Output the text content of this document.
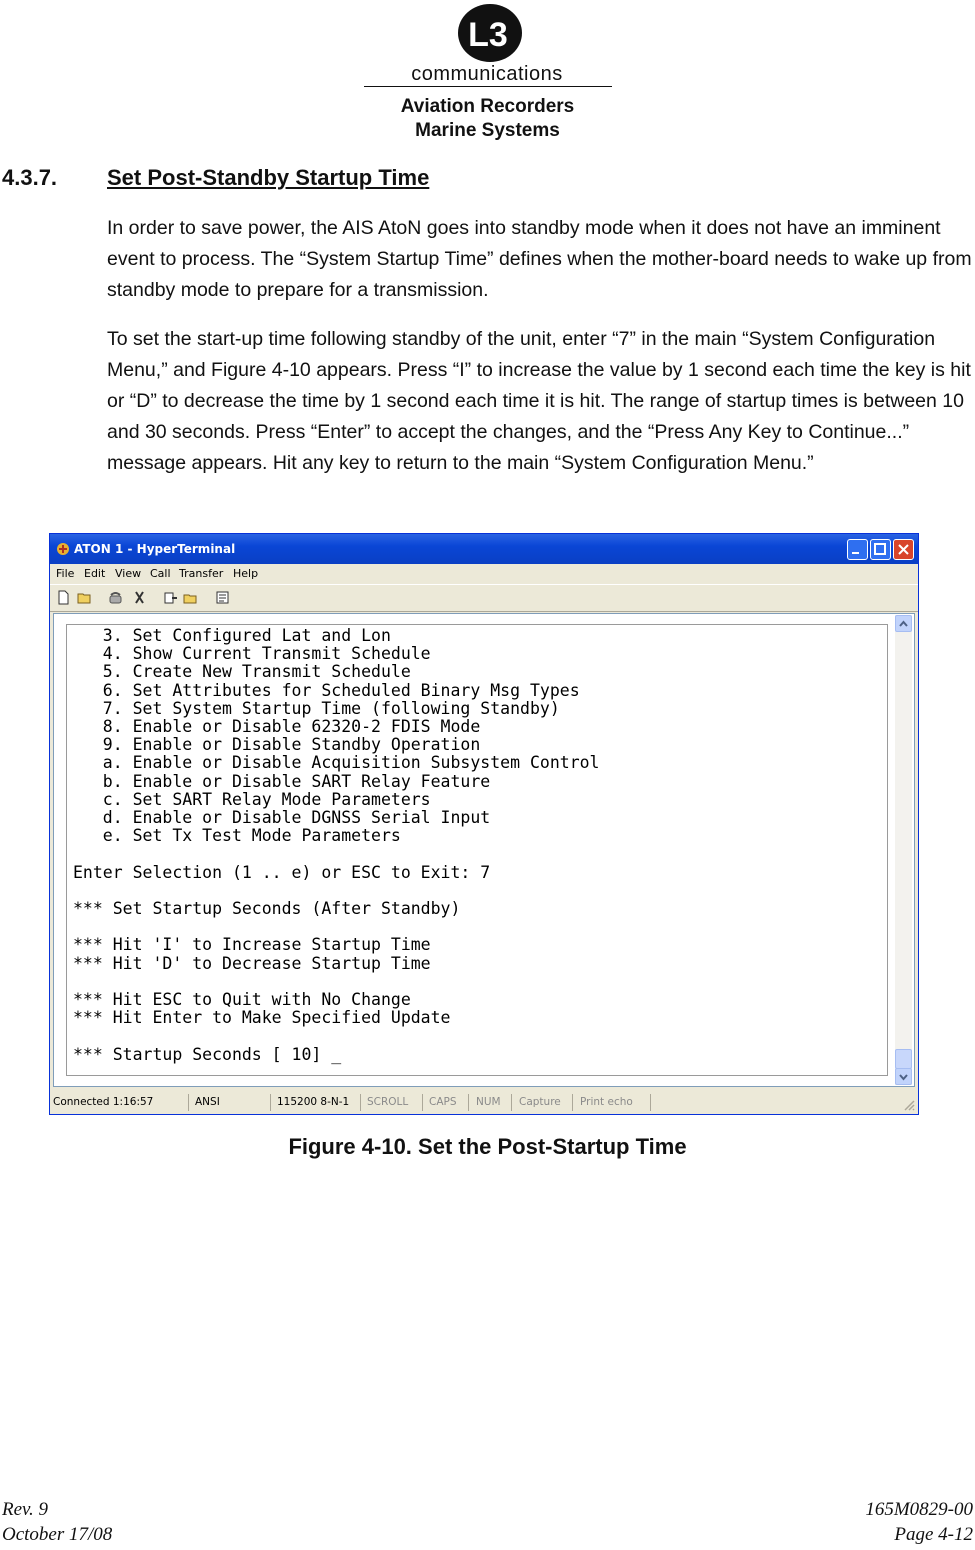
L3
communications
Aviation Recorders
Marine Systems
4.3.7. Set Post-Standby Startup Time

In order to save power, the AIS AtoN goes into standby mode when it does not have an imminent event to process. The “System Startup Time” defines when the mother-board needs to wake up from standby mode to prepare for a transmission.

To set the start-up time following standby of the unit, enter “7” in the main “System Configuration Menu,” and Figure 4-10 appears. Press “I” to increase the value by 1 second each time the key is hit or “D” to decrease the time by 1 second each time it is hit. The range of startup times is between 10 and 30 seconds. Press “Enter” to accept the changes, and the “Press Any Key to Continue...” message appears. Hit any key to return to the main “System Configuration Menu.”

ATON 1 - HyperTerminal
File Edit View Call Transfer Help
3. Set Configured Lat and Lon
4. Show Current Transmit Schedule
5. Create New Transmit Schedule
6. Set Attributes for Scheduled Binary Msg Types
7. Set System Startup Time (following Standby)
8. Enable or Disable 62320-2 FDIS Mode
9. Enable or Disable Standby Operation
a. Enable or Disable Acquisition Subsystem Control
b. Enable or Disable SART Relay Feature
c. Set SART Relay Mode Parameters
d. Enable or Disable DGNSS Serial Input
e. Set Tx Test Mode Parameters

Enter Selection (1 .. e) or ESC to Exit: 7

*** Set Startup Seconds (After Standby)

*** Hit 'I' to Increase Startup Time
*** Hit 'D' to Decrease Startup Time

*** Hit ESC to Quit with No Change
*** Hit Enter to Make Specified Update

*** Startup Seconds [ 10] _
Connected 1:16:57	ANSI	115200 8-N-1 SCROLL CAPS NUM Capture Print echo
Figure 4-10. Set the Post-Startup Time
Rev. 9
October 17/08
165M0829-00
Page 4-12
